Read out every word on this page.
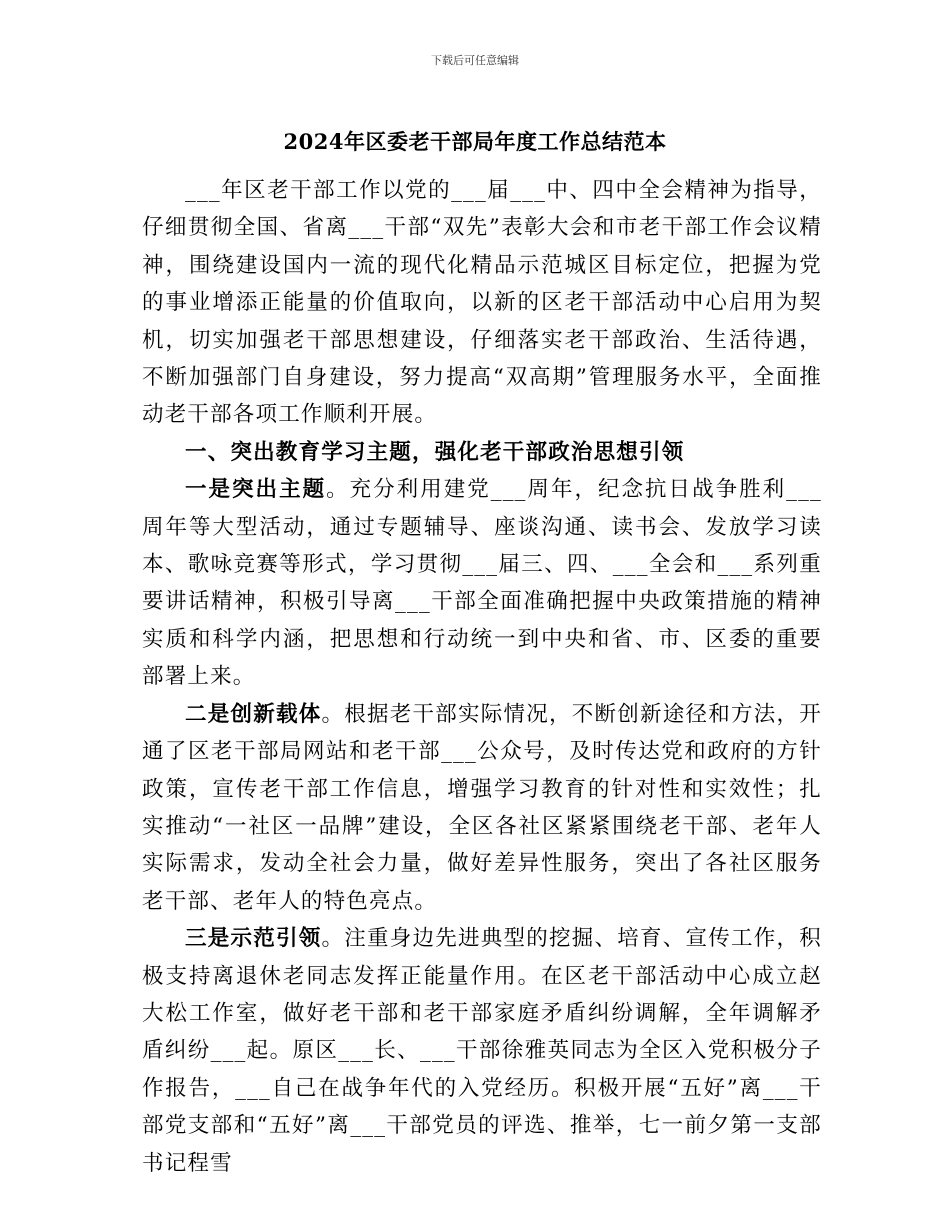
下载后可任意编辑
2024年区委老干部局年度工作总结范本

___年区老干部工作以党的___届___中、四中全会精神为指导，仔细贯彻全国、省离___干部“双先”表彰大会和市老干部工作会议精神，围绕建设国内一流的现代化精品示范城区目标定位，把握为党的事业增添正能量的价值取向，以新的区老干部活动中心启用为契机，切实加强老干部思想建设，仔细落实老干部政治、生活待遇，不断加强部门自身建设，努力提高“双高期”管理服务水平，全面推动老干部各项工作顺利开展。

一、突出教育学习主题，强化老干部政治思想引领

一是突出主题。充分利用建党___周年，纪念抗日战争胜利___周年等大型活动，通过专题辅导、座谈沟通、读书会、发放学习读本、歌咏竞赛等形式，学习贯彻___届三、四、___全会和___系列重要讲话精神，积极引导离___干部全面准确把握中央政策措施的精神实质和科学内涵，把思想和行动统一到中央和省、市、区委的重要部署上来。

二是创新载体。根据老干部实际情况，不断创新途径和方法，开通了区老干部局网站和老干部___公众号，及时传达党和政府的方针政策，宣传老干部工作信息，增强学习教育的针对性和实效性；扎实推动“一社区一品牌”建设，全区各社区紧紧围绕老干部、老年人实际需求，发动全社会力量，做好差异性服务，突出了各社区服务老干部、老年人的特色亮点。

三是示范引领。注重身边先进典型的挖掘、培育、宣传工作，积极支持离退休老同志发挥正能量作用。在区老干部活动中心成立赵大松工作室，做好老干部和老干部家庭矛盾纠纷调解，全年调解矛盾纠纷___起。原区___长、___干部徐雅英同志为全区入党积极分子作报告，___自己在战争年代的入党经历。积极开展“五好”离___干部党支部和“五好”离___干部党员的评选、推举，七一前夕第一支部书记程雪
